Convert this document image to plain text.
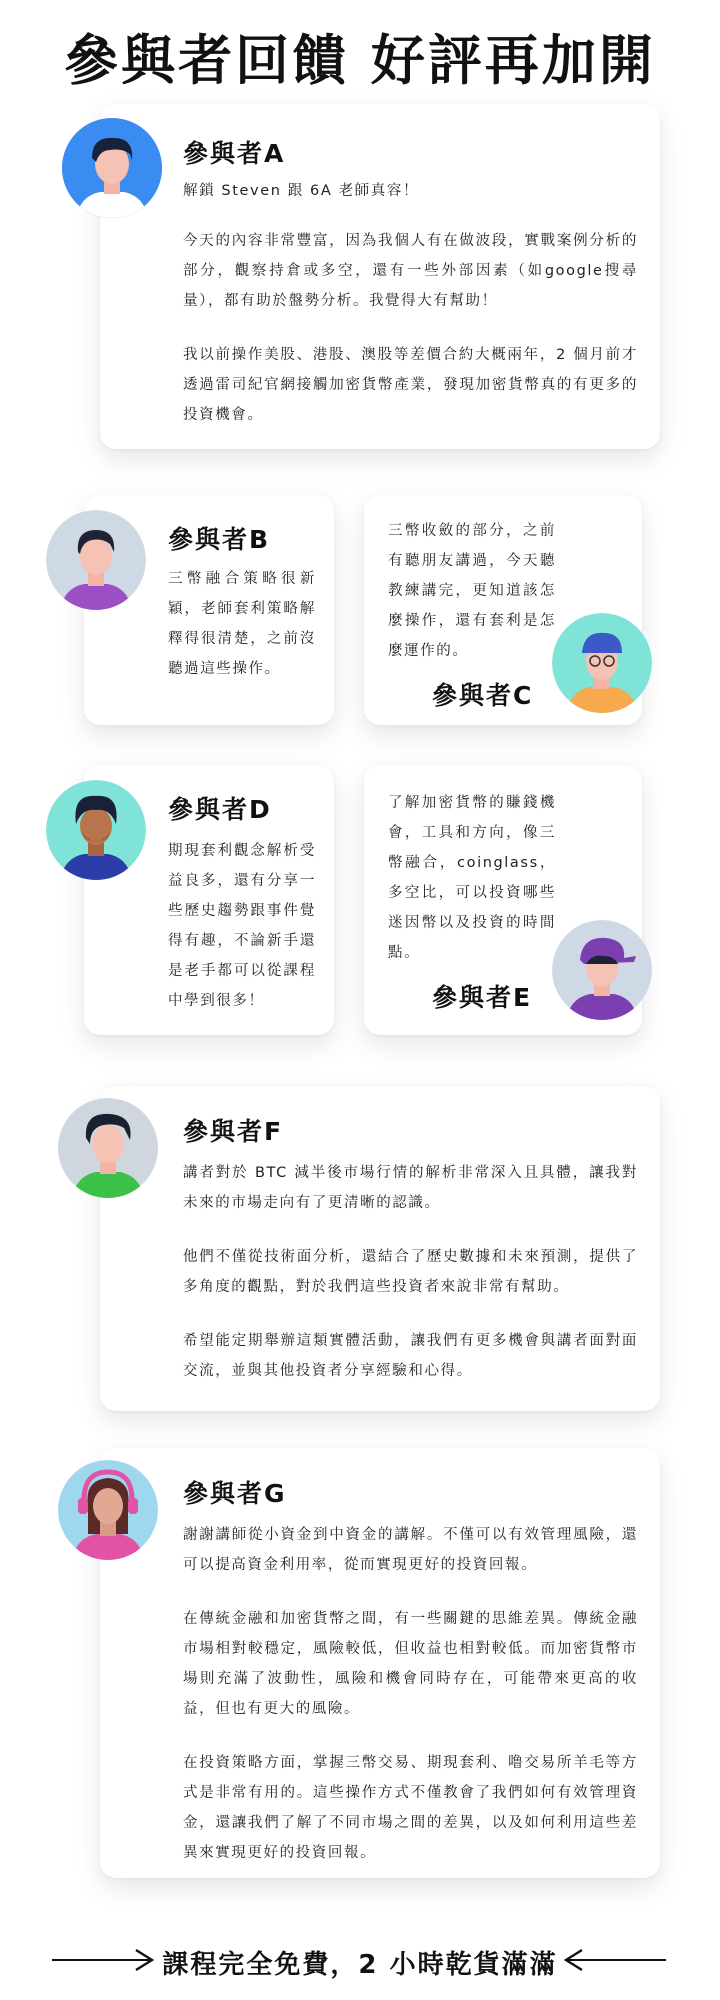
參與者回饋 好評再加開
參與者A
解鎖 Steven 跟 6A 老師真容！

今天的內容非常豐富，因為我個人有在做波段，實戰案例分析的部分，觀察持倉或多空，還有一些外部因素（如google搜尋量），都有助於盤勢分析。我覺得大有幫助！

我以前操作美股、港股、澳股等差價合約大概兩年，2 個月前才透過雷司紀官網接觸加密貨幣產業，發現加密貨幣真的有更多的投資機會。

參與者B
三幣融合策略很新穎，老師套利策略解釋得很清楚，之前沒聽過這些操作。
三幣收斂的部分，之前有聽朋友講過，今天聽教練講完，更知道該怎麼操作，還有套利是怎麼運作的。
參與者C
參與者D
期現套利觀念解析受益良多，還有分享一些歷史趨勢跟事件覺得有趣，不論新手還是老手都可以從課程中學到很多！
了解加密貨幣的賺錢機會，工具和方向，像三幣融合，coinglass，多空比，可以投資哪些迷因幣以及投資的時間點。
參與者E
參與者F

講者對於 BTC 減半後市場行情的解析非常深入且具體，讓我對未來的市場走向有了更清晰的認識。

他們不僅從技術面分析，還結合了歷史數據和未來預測，提供了多角度的觀點，對於我們這些投資者來說非常有幫助。

希望能定期舉辦這類實體活動，讓我們有更多機會與講者面對面交流，並與其他投資者分享經驗和心得。

參與者G

謝謝講師從小資金到中資金的講解。不僅可以有效管理風險，還可以提高資金利用率，從而實現更好的投資回報。

在傳統金融和加密貨幣之間，有一些關鍵的思維差異。傳統金融市場相對較穩定，風險較低，但收益也相對較低。而加密貨幣市場則充滿了波動性，風險和機會同時存在，可能帶來更高的收益，但也有更大的風險。

在投資策略方面，掌握三幣交易、期現套利、噜交易所羊毛等方式是非常有用的。這些操作方式不僅教會了我們如何有效管理資金，還讓我們了解了不同市場之間的差異，以及如何利用這些差異來實現更好的投資回報。

課程完全免費，2 小時乾貨滿滿
